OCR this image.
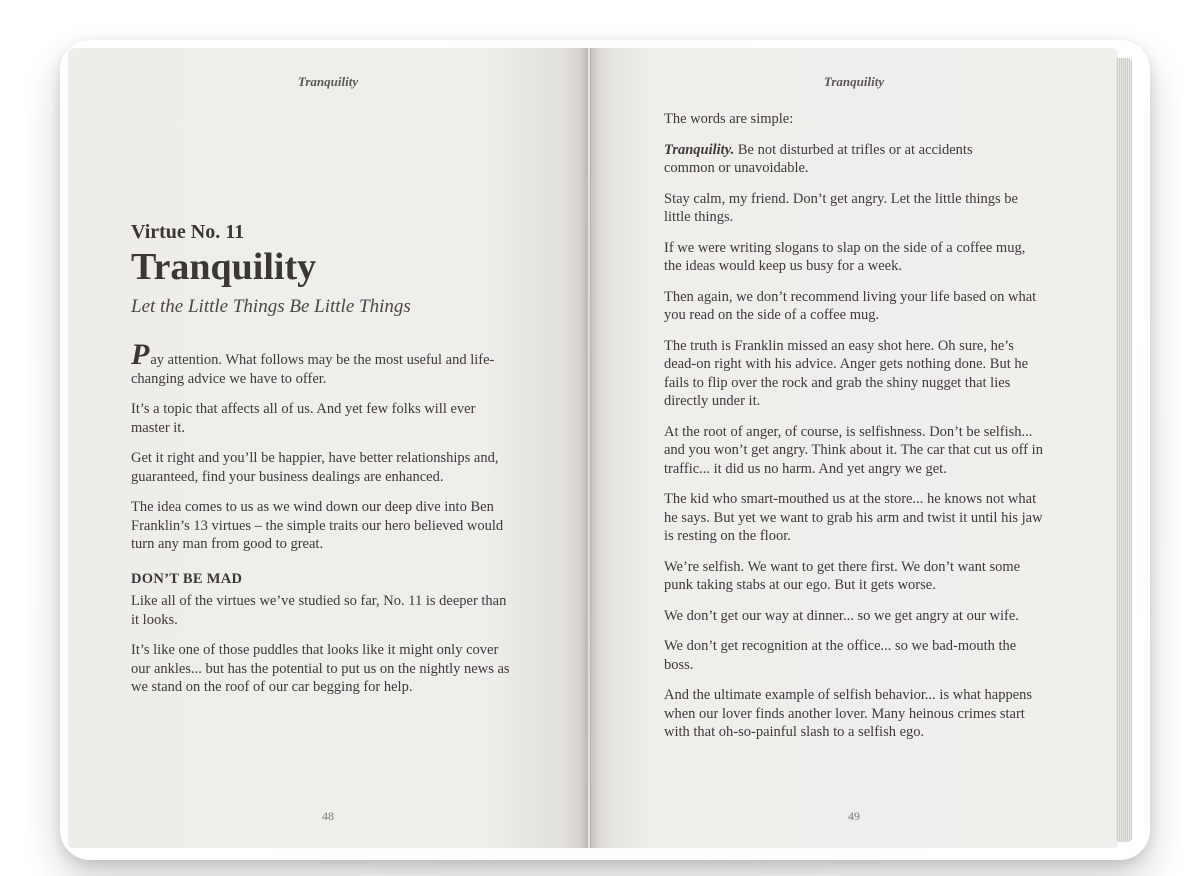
Tranquility
Virtue No. 11
Tranquility
Let the Little Things Be Little Things

Pay attention. What follows may be the most useful and life-changing advice we have to offer.

It’s a topic that affects all of us. And yet few folks will ever master it.

Get it right and you’ll be happier, have better relationships and, guaranteed, find your business dealings are enhanced.

The idea comes to us as we wind down our deep dive into Ben Franklin’s 13 virtues – the simple traits our hero believed would turn any man from good to great.

DON’T BE MAD

Like all of the virtues we’ve studied so far, No. 11 is deeper than it looks.

It’s like one of those puddles that looks like it might only cover our ankles... but has the potential to put us on the nightly news as we stand on the roof of our car begging for help.

48
Tranquility

The words are simple:

Tranquility. Be not disturbed at trifles or at accidents common or unavoidable.

Stay calm, my friend. Don’t get angry. Let the little things be little things.

If we were writing slogans to slap on the side of a coffee mug, the ideas would keep us busy for a week.

Then again, we don’t recommend living your life based on what you read on the side of a coffee mug.

The truth is Franklin missed an easy shot here. Oh sure, he’s dead-on right with his advice. Anger gets nothing done. But he fails to flip over the rock and grab the shiny nugget that lies directly under it.

At the root of anger, of course, is selfishness. Don’t be selfish... and you won’t get angry. Think about it. The car that cut us off in traffic... it did us no harm. And yet angry we get.

The kid who smart-mouthed us at the store... he knows not what he says. But yet we want to grab his arm and twist it until his jaw is resting on the floor.

We’re selfish. We want to get there first. We don’t want some punk taking stabs at our ego. But it gets worse.

We don’t get our way at dinner... so we get angry at our wife.

We don’t get recognition at the office... so we bad-mouth the boss.

And the ultimate example of selfish behavior... is what happens when our lover finds another lover. Many heinous crimes start with that oh-so-painful slash to a selfish ego.

49
